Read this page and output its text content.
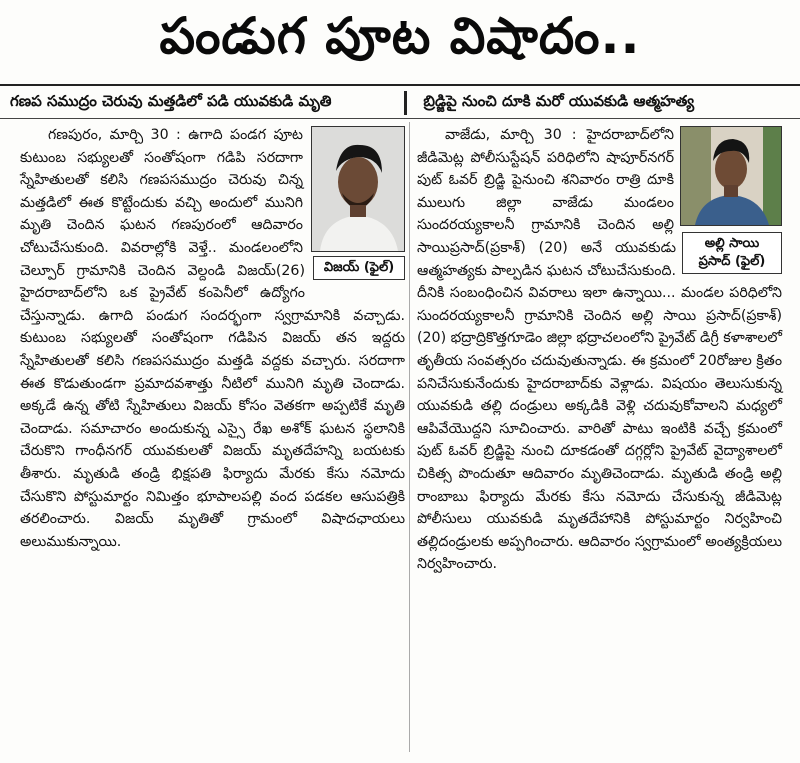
పండుగ పూట విషాదం..
గణప సముద్రం చెరువు మత్తడిలో పడి యువకుడి మృతి	బ్రిడ్జిపై నుంచి దూకి మరో యువకుడి ఆత్మహత్య
విజయ్ (ఫైల్)

గణపురం, మార్చి 30 : ఉగాది పండగ పూట కుటుంబ సభ్యులతో సంతోషంగా గడిపి సరదాగా స్నేహితులతో కలిసి గణపసముద్రం చెరువు చిన్న మత్తడిలో ఈత కొట్టేందుకు వచ్చి అందులో మునిగి మృతి చెందిన ఘటన గణపురంలో ఆదివారం చోటుచేసుకుంది. వివరాల్లోకి వెళ్తే.. మండలంలోని చెల్పూర్ గ్రామానికి చెందిన వెల్దండి విజయ్(26) హైదరాబాద్‌లోని ఒక ప్రైవేట్ కంపెనీలో ఉద్యోగం చేస్తున్నాడు. ఉగాది పండుగ సందర్భంగా స్వగ్రామానికి వచ్చాడు. కుటుంబ సభ్యులతో సంతోషంగా గడిపిన విజయ్ తన ఇద్దరు స్నేహితులతో కలిసి గణపసముద్రం మత్తడి వద్దకు వచ్చారు. సరదాగా ఈత కొడుతుండగా ప్రమాదవశాత్తు నీటిలో మునిగి మృతి చెందాడు. అక్కడే ఉన్న తోటి స్నేహితులు విజయ్ కోసం వెతకగా అప్పటికే మృతి చెందాడు. సమాచారం అందుకున్న ఎస్సై రేఖ అశోక్ ఘటన స్థలానికి చేరుకొని గాంధీనగర్ యువకులతో విజయ్ మృతదేహన్ని బయటకు తీశారు. మృతుడి తండ్రి భిక్షపతి ఫిర్యాదు మేరకు కేసు నమోదు చేసుకొని పోస్టుమార్టం నిమిత్తం భూపాలపల్లి వంద పడకల ఆసుపత్రికి తరలించారు. విజయ్ మృతితో గ్రామంలో విషాదఛాయలు అలుముకున్నాయి.

అల్లి సాయి ప్రసాద్ (ఫైల్)

వాజేడు, మార్చి 30 : హైదరాబాద్‌లోని జీడిమెట్ల పోలీసుస్టేషన్ పరిధిలోని షాపూర్‌నగర్ పుట్ ఓవర్ బ్రిడ్జి పైనుంచి శనివారం రాత్రి దూకి ములుగు జిల్లా వాజేడు మండలం సుందరయ్యకాలనీ గ్రామానికి చెందిన అల్లి సాయిప్రసాద్(ప్రకాశ్) (20) అనే యువకుడు ఆత్మహత్యకు పాల్పడిన ఘటన చోటుచేసుకుంది. దీనికి సంబంధించిన వివరాలు ఇలా ఉన్నాయి... మండల పరిధిలోని సుందరయ్యకాలనీ గ్రామానికి చెందిన అల్లి సాయి ప్రసాద్(ప్రకాశ్)(20) భద్రాద్రికొత్తగూడెం జిల్లా భద్రాచలంలోని ప్రైవేట్ డిగ్రీ కళాశాలలో తృతీయ సంవత్సరం చదువుతున్నాడు. ఈ క్రమంలో 20రోజుల క్రితం పనిచేసుకునేందుకు హైదరాబాద్‌కు వెళ్లాడు. విషయం తెలుసుకున్న యువకుడి తల్లి దండ్రులు అక్కడికి వెళ్లి చదువుకోవాలని మధ్యలో ఆపివేయొద్దని సూచించారు. వారితో పాటు ఇంటికి వచ్చే క్రమంలో పుట్ ఓవర్ బ్రిడ్జిపై నుంచి దూకడంతో దగ్గర్లోని ప్రైవేట్ వైద్యాశాలలో చికిత్స పొందుతూ ఆదివారం మృతిచెందాడు. మృతుడి తండ్రి అల్లి రాంబాబు ఫిర్యాదు మేరకు కేసు నమోదు చేసుకున్న జీడిమెట్ల పోలీసులు యువకుడి మృతదేహానికి పోస్టుమార్టం నిర్వహించి తల్లిదండ్రులకు అప్పగించారు. ఆదివారం స్వగ్రామంలో అంత్యక్రియలు నిర్వహించారు.
